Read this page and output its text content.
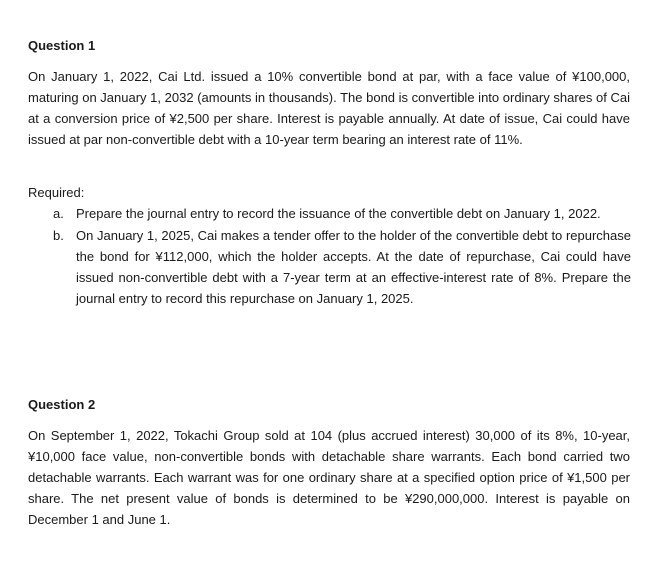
Question 1

On January 1, 2022, Cai Ltd. issued a 10% convertible bond at par, with a face value of ¥100,000, maturing on January 1, 2032 (amounts in thousands). The bond is convertible into ordinary shares of Cai at a conversion price of ¥2,500 per share. Interest is payable annually. At date of issue, Cai could have issued at par non-convertible debt with a 10-year term bearing an interest rate of 11%.

Required:

a. Prepare the journal entry to record the issuance of the convertible debt on January 1, 2022.
b. On January 1, 2025, Cai makes a tender offer to the holder of the convertible debt to repurchase the bond for ¥112,000, which the holder accepts. At the date of repurchase, Cai could have issued non-convertible debt with a 7-year term at an effective-interest rate of 8%. Prepare the journal entry to record this repurchase on January 1, 2025.
Question 2

On September 1, 2022, Tokachi Group sold at 104 (plus accrued interest) 30,000 of its 8%, 10-year, ¥10,000 face value, non-convertible bonds with detachable share warrants. Each bond carried two detachable warrants. Each warrant was for one ordinary share at a specified option price of ¥1,500 per share. The net present value of bonds is determined to be ¥290,000,000. Interest is payable on December 1 and June 1.
